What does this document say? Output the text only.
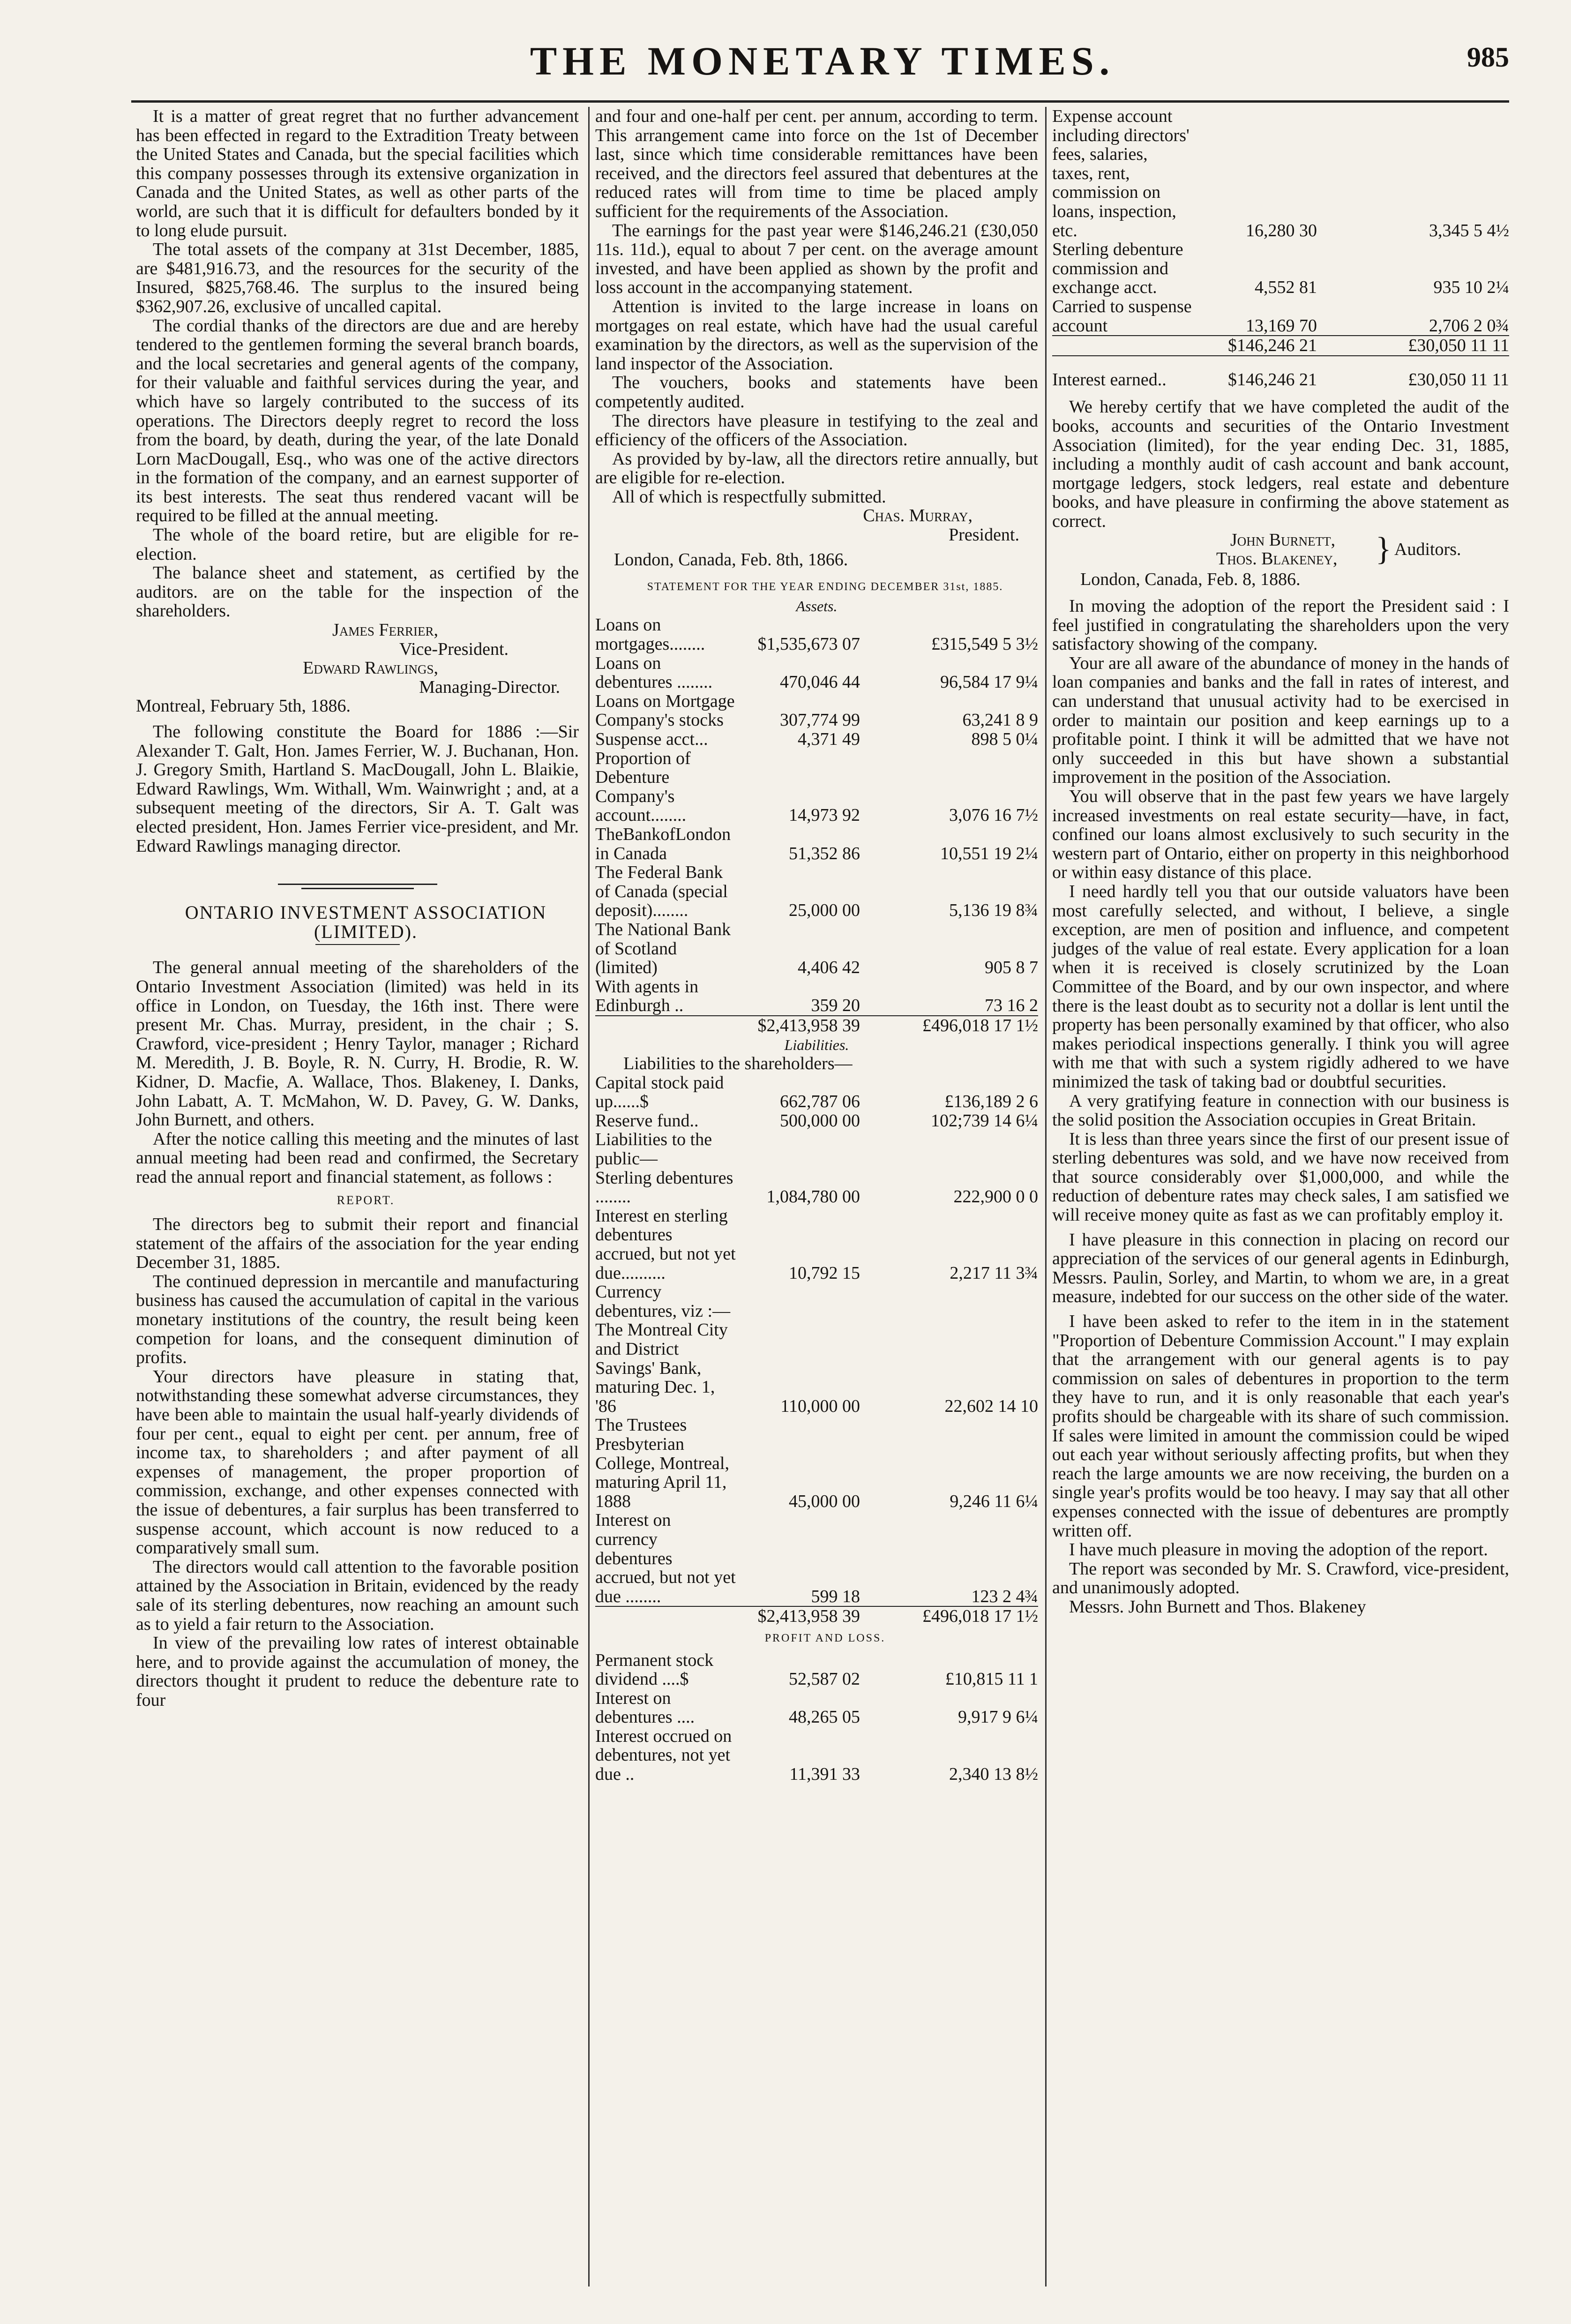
THE MONETARY TIMES.	985

It is a matter of great regret that no further advancement has been effected in regard to the Extradition Treaty between the United States and Canada, but the special facilities which this company possesses through its extensive organization in Canada and the United States, as well as other parts of the world, are such that it is difficult for defaulters bonded by it to long elude pursuit.

The total assets of the company at 31st December, 1885, are $481,916.73, and the resources for the security of the Insured, $825,768.46. The surplus to the insured being $362,907.26, exclusive of uncalled capital.

The cordial thanks of the directors are due and are hereby tendered to the gentlemen forming the several branch boards, and the local secretaries and general agents of the company, for their valuable and faithful services during the year, and which have so largely contributed to the success of its operations. The Directors deeply regret to record the loss from the board, by death, during the year, of the late Donald Lorn MacDougall, Esq., who was one of the active directors in the formation of the company, and an earnest supporter of its best interests. The seat thus rendered vacant will be required to be filled at the annual meeting.

The whole of the board retire, but are eligible for re-election.

The balance sheet and statement, as certified by the auditors. are on the table for the inspection of the shareholders.

James Ferrier,

Vice-President.

Edward Rawlings,

Managing-Director.

Montreal, February 5th, 1886.

The following constitute the Board for 1886 :—Sir Alexander T. Galt, Hon. James Ferrier, W. J. Buchanan, Hon. J. Gregory Smith, Hartland S. MacDougall, John L. Blaikie, Edward Rawlings, Wm. Withall, Wm. Wainwright ; and, at a subsequent meeting of the directors, Sir A. T. Galt was elected president, Hon. James Ferrier vice-president, and Mr. Edward Rawlings managing director.

ONTARIO INVESTMENT ASSOCIATION

(LIMITED).

The general annual meeting of the shareholders of the Ontario Investment Association (limited) was held in its office in London, on Tuesday, the 16th inst. There were present Mr. Chas. Murray, president, in the chair ; S. Crawford, vice-president ; Henry Taylor, manager ; Richard M. Meredith, J. B. Boyle, R. N. Curry, H. Brodie, R. W. Kidner, D. Macfie, A. Wallace, Thos. Blakeney, I. Danks, John Labatt, A. T. McMahon, W. D. Pavey, G. W. Danks, John Burnett, and others.

After the notice calling this meeting and the minutes of last annual meeting had been read and confirmed, the Secretary read the annual report and financial statement, as follows :

REPORT.

The directors beg to submit their report and financial statement of the affairs of the association for the year ending December 31, 1885.

The continued depression in mercantile and manufacturing business has caused the accumulation of capital in the various monetary institutions of the country, the result being keen competion for loans, and the consequent diminution of profits.

Your directors have pleasure in stating that, notwithstanding these somewhat adverse circumstances, they have been able to maintain the usual half-yearly dividends of four per cent., equal to eight per cent. per annum, free of income tax, to shareholders ; and after payment of all expenses of management, the proper proportion of commission, exchange, and other expenses connected with the issue of debentures, a fair surplus has been transferred to suspense account, which account is now reduced to a comparatively small sum.

The directors would call attention to the favorable position attained by the Association in Britain, evidenced by the ready sale of its sterling debentures, now reaching an amount such as to yield a fair return to the Association.

In view of the prevailing low rates of interest obtainable here, and to provide against the accumulation of money, the directors thought it prudent to reduce the debenture rate to four

and four and one-half per cent. per annum, according to term. This arrangement came into force on the 1st of December last, since which time considerable remittances have been received, and the directors feel assured that debentures at the reduced rates will from time to time be placed amply sufficient for the requirements of the Association.

The earnings for the past year were $146,246.21 (£30,050 11s. 11d.), equal to about 7 per cent. on the average amount invested, and have been applied as shown by the profit and loss account in the accompanying statement.

Attention is invited to the large increase in loans on mortgages on real estate, which have had the usual careful examination by the directors, as well as the supervision of the land inspector of the Association.

The vouchers, books and statements have been competently audited.

The directors have pleasure in testifying to the zeal and efficiency of the officers of the Association.

As provided by by-law, all the directors retire annually, but are eligible for re-election.

All of which is respectfully submitted.

Chas. Murray,

President.

London, Canada, Feb. 8th, 1866.

STATEMENT FOR THE YEAR ENDING DECEMBER 31st, 1885.

Assets.
Loans on mortgages........	$1,535,673 07	£315,549 5 3½
Loans on debentures ........	470,046 44	96,584 17 9¼
Loans on Mortgage Company's stocks	307,774 99	63,241 8 9
Suspense acct...	4,371 49	898 5 0¼
Proportion of Debenture Company's account........	14,973 92	3,076 16 7½
TheBankofLondon in Canada	51,352 86	10,551 19 2¼
The Federal Bank of Canada (special deposit)........	25,000 00	5,136 19 8¾
The National Bank of Scotland (limited)	4,406 42	905 8 7
With agents in Edinburgh ..	359 20	73 16 2
	$2,413,958 39	£496,018 17 1½
Liabilities.

Liabilities to the shareholders—

Capital stock paid up......$	662,787 06	£136,189 2 6
Reserve fund..	500,000 00	102;739 14 6¼
Liabilities to the public—		
Sterling debentures ........	1,084,780 00	222,900 0 0
Interest en sterling debentures accrued, but not yet due..........	10,792 15	2,217 11 3¾
Currency debentures, viz :—		
The Montreal City and District Savings' Bank, maturing Dec. 1, '86	110,000 00	22,602 14 10
The Trustees Presbyterian College, Montreal, maturing April 11, 1888	45,000 00	9,246 11 6¼
Interest on currency debentures accrued, but not yet due ........	599 18	123 2 4¾
	$2,413,958 39	£496,018 17 1½

PROFIT AND LOSS.

Permanent stock dividend ....$	52,587 02	£10,815 11 1
Interest on debentures ....	48,265 05	9,917 9 6¼
Interest occrued on debentures, not yet due ..	11,391 33	2,340 13 8½
Expense account including directors' fees, salaries, taxes, rent, commission on loans, inspection, etc.	16,280 30	3,345 5 4½
Sterling debenture commission and exchange acct.	4,552 81	935 10 2¼
Carried to suspense account	13,169 70	2,706 2 0¾
	$146,246 21	£30,050 11 11
Interest earned..	$146,246 21	£30,050 11 11

We hereby certify that we have completed the audit of the books, accounts and securities of the Ontario Investment Association (limited), for the year ending Dec. 31, 1885, including a monthly audit of cash account and bank account, mortgage ledgers, stock ledgers, real estate and debenture books, and have pleasure in confirming the above statement as correct.

John Burnett,
Thos. Blakeney, } Auditors.

London, Canada, Feb. 8, 1886.

In moving the adoption of the report the President said : I feel justified in congratulating the shareholders upon the very satisfactory showing of the company.

Your are all aware of the abundance of money in the hands of loan companies and banks and the fall in rates of interest, and can understand that unusual activity had to be exercised in order to maintain our position and keep earnings up to a profitable point. I think it will be admitted that we have not only succeeded in this but have shown a substantial improvement in the position of the Association.

You will observe that in the past few years we have largely increased investments on real estate security—have, in fact, confined our loans almost exclusively to such security in the western part of Ontario, either on property in this neighborhood or within easy distance of this place.

I need hardly tell you that our outside valuators have been most carefully selected, and without, I believe, a single exception, are men of position and influence, and competent judges of the value of real estate. Every application for a loan when it is received is closely scrutinized by the Loan Committee of the Board, and by our own inspector, and where there is the least doubt as to security not a dollar is lent until the property has been personally examined by that officer, who also makes periodical inspections generally. I think you will agree with me that with such a system rigidly adhered to we have minimized the task of taking bad or doubtful securities.

A very gratifying feature in connection with our business is the solid position the Association occupies in Great Britain.

It is less than three years since the first of our present issue of sterling debentures was sold, and we have now received from that source considerably over $1,000,000, and while the reduction of debenture rates may check sales, I am satisfied we will receive money quite as fast as we can profitably employ it.

I have pleasure in this connection in placing on record our appreciation of the services of our general agents in Edinburgh, Messrs. Paulin, Sorley, and Martin, to whom we are, in a great measure, indebted for our success on the other side of the water.

I have been asked to refer to the item in in the statement "Proportion of Debenture Commission Account." I may explain that the arrangement with our general agents is to pay commission on sales of debentures in proportion to the term they have to run, and it is only reasonable that each year's profits should be chargeable with its share of such commission. If sales were limited in amount the commission could be wiped out each year without seriously affecting profits, but when they reach the large amounts we are now receiving, the burden on a single year's profits would be too heavy. I may say that all other expenses connected with the issue of debentures are promptly written off.

I have much pleasure in moving the adoption of the report.

The report was seconded by Mr. S. Crawford, vice-president, and unanimously adopted.

Messrs. John Burnett and Thos. Blakeney
